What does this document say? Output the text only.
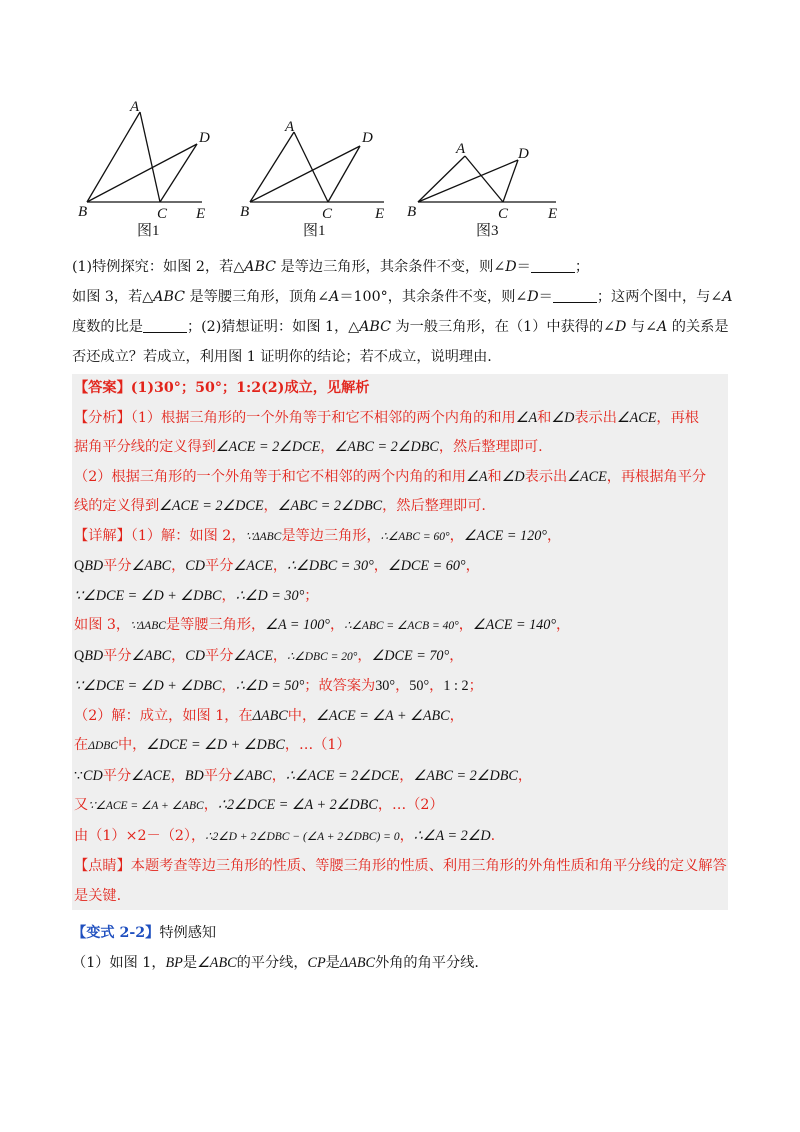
A
B	C
D
E
图1
A
B	C
D
E
图1
A
B	C
D
E
图3

(1)特例探究：如图 2，若△ABC 是等边三角形，其余条件不变，则∠D＝	；

如图 3，若△ABC 是等腰三角形，顶角∠A＝100°，其余条件不变，则∠D＝	；这两个图中，与∠A

度数的比是	；(2)猜想证明：如图 1，△ABC 为一般三角形，在（1）中获得的∠D 与∠A 的关系是

否还成立？若成立，利用图 1 证明你的结论；若不成立，说明理由.

【答案】(1)30°；50°；1:2(2)成立，见解析

【分析】（1）根据三角形的一个外角等于和它不相邻的两个内角的和用∠A和∠D表示出∠ACE，再根

据角平分线的定义得到∠ACE = 2∠DCE，∠ABC = 2∠DBC，然后整理即可.

（2）根据三角形的一个外角等于和它不相邻的两个内角的和用∠A和∠D表示出∠ACE，再根据角平分

线的定义得到∠ACE = 2∠DCE，∠ABC = 2∠DBC，然后整理即可.

【详解】（1）解：如图 2，∵ΔABC是等边三角形，∴∠ABC = 60°，∠ACE = 120°，

QBD平分∠ABC，CD平分∠ACE，∴∠DBC = 30°，∠DCE = 60°，

∵∠DCE = ∠D + ∠DBC，∴∠D = 30°；

如图 3，∵ΔABC是等腰三角形，∠A = 100°，∴∠ABC = ∠ACB = 40°，∠ACE = 140°，

QBD平分∠ABC，CD平分∠ACE，∴∠DBC = 20°，∠DCE = 70°，

∵∠DCE = ∠D + ∠DBC，∴∠D = 50°；故答案为30°，50°，1 : 2；

（2）解：成立，如图 1，在ΔABC中，∠ACE = ∠A + ∠ABC，

在ΔDBC中，∠DCE = ∠D + ∠DBC，…（1）

∵CD平分∠ACE，BD平分∠ABC，∴∠ACE = 2∠DCE，∠ABC = 2∠DBC，

又∵∠ACE = ∠A + ∠ABC，∴2∠DCE = ∠A + 2∠DBC，…（2）

由（1）×2－（2），∴2∠D + 2∠DBC − (∠A + 2∠DBC) = 0，∴∠A = 2∠D.

【点睛】本题考查等边三角形的性质、等腰三角形的性质、利用三角形的外角性质和角平分线的定义解答

是关键.

【变式 2-2】特例感知

（1）如图 1，BP是∠ABC的平分线，CP是ΔABC外角的角平分线.
